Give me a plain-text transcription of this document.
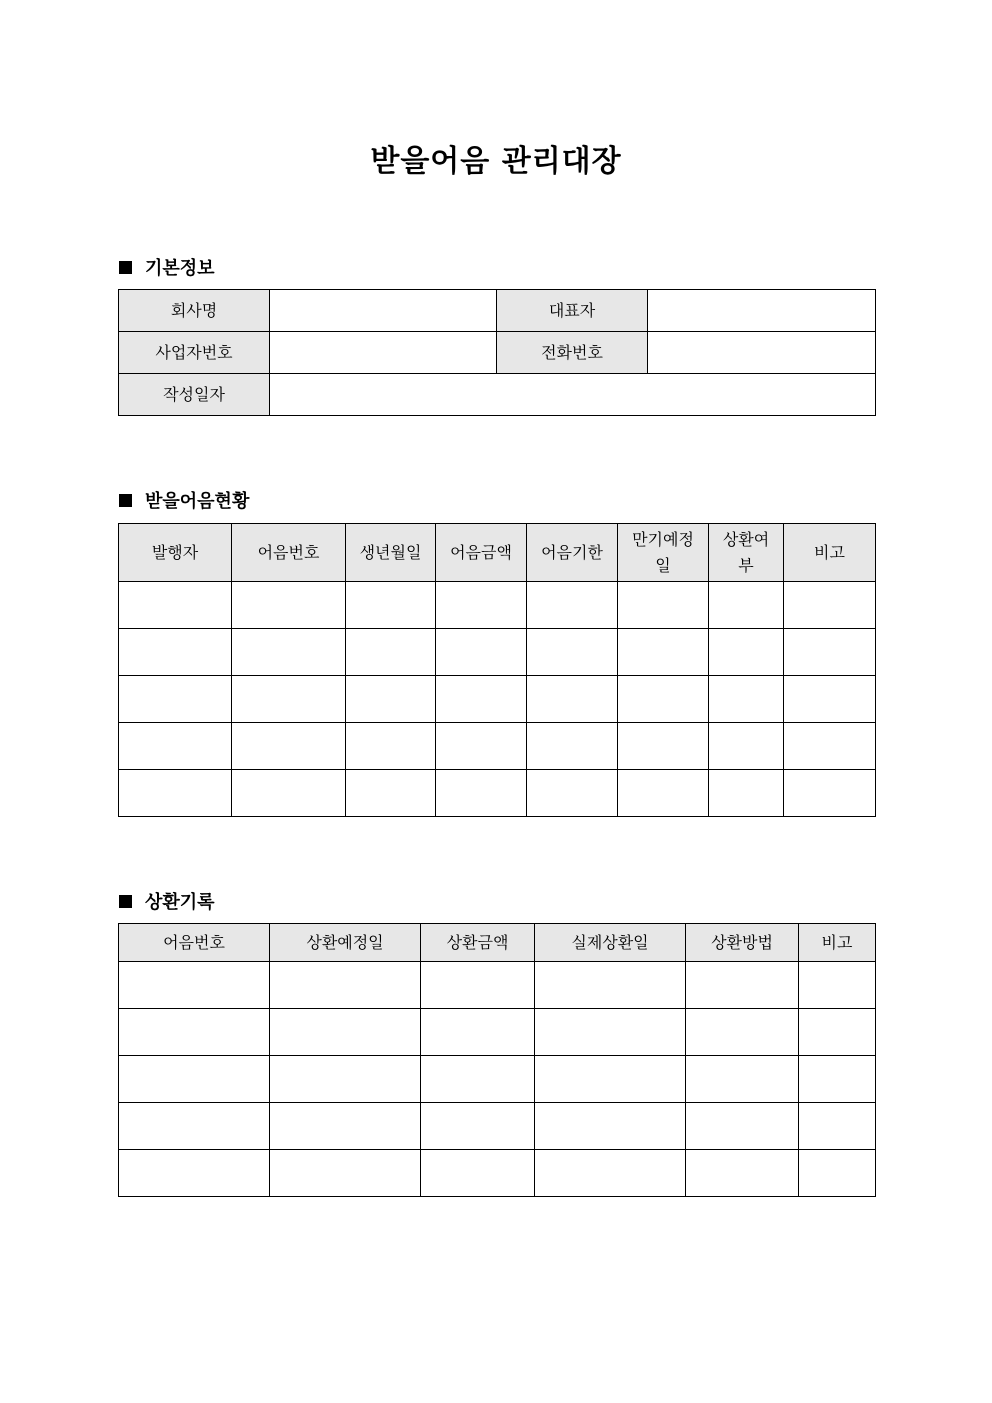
받을어음 관리대장
기본정보
회사명		대표자	
사업자번호		전화번호	
작성일자			
받을어음현황
발행자	어음번호	생년월일	어음금액	어음기한	만기예정일	상환여부	비고

상환기록
어음번호	상환예정일	상환금액	실제상환일	상환방법	비고
